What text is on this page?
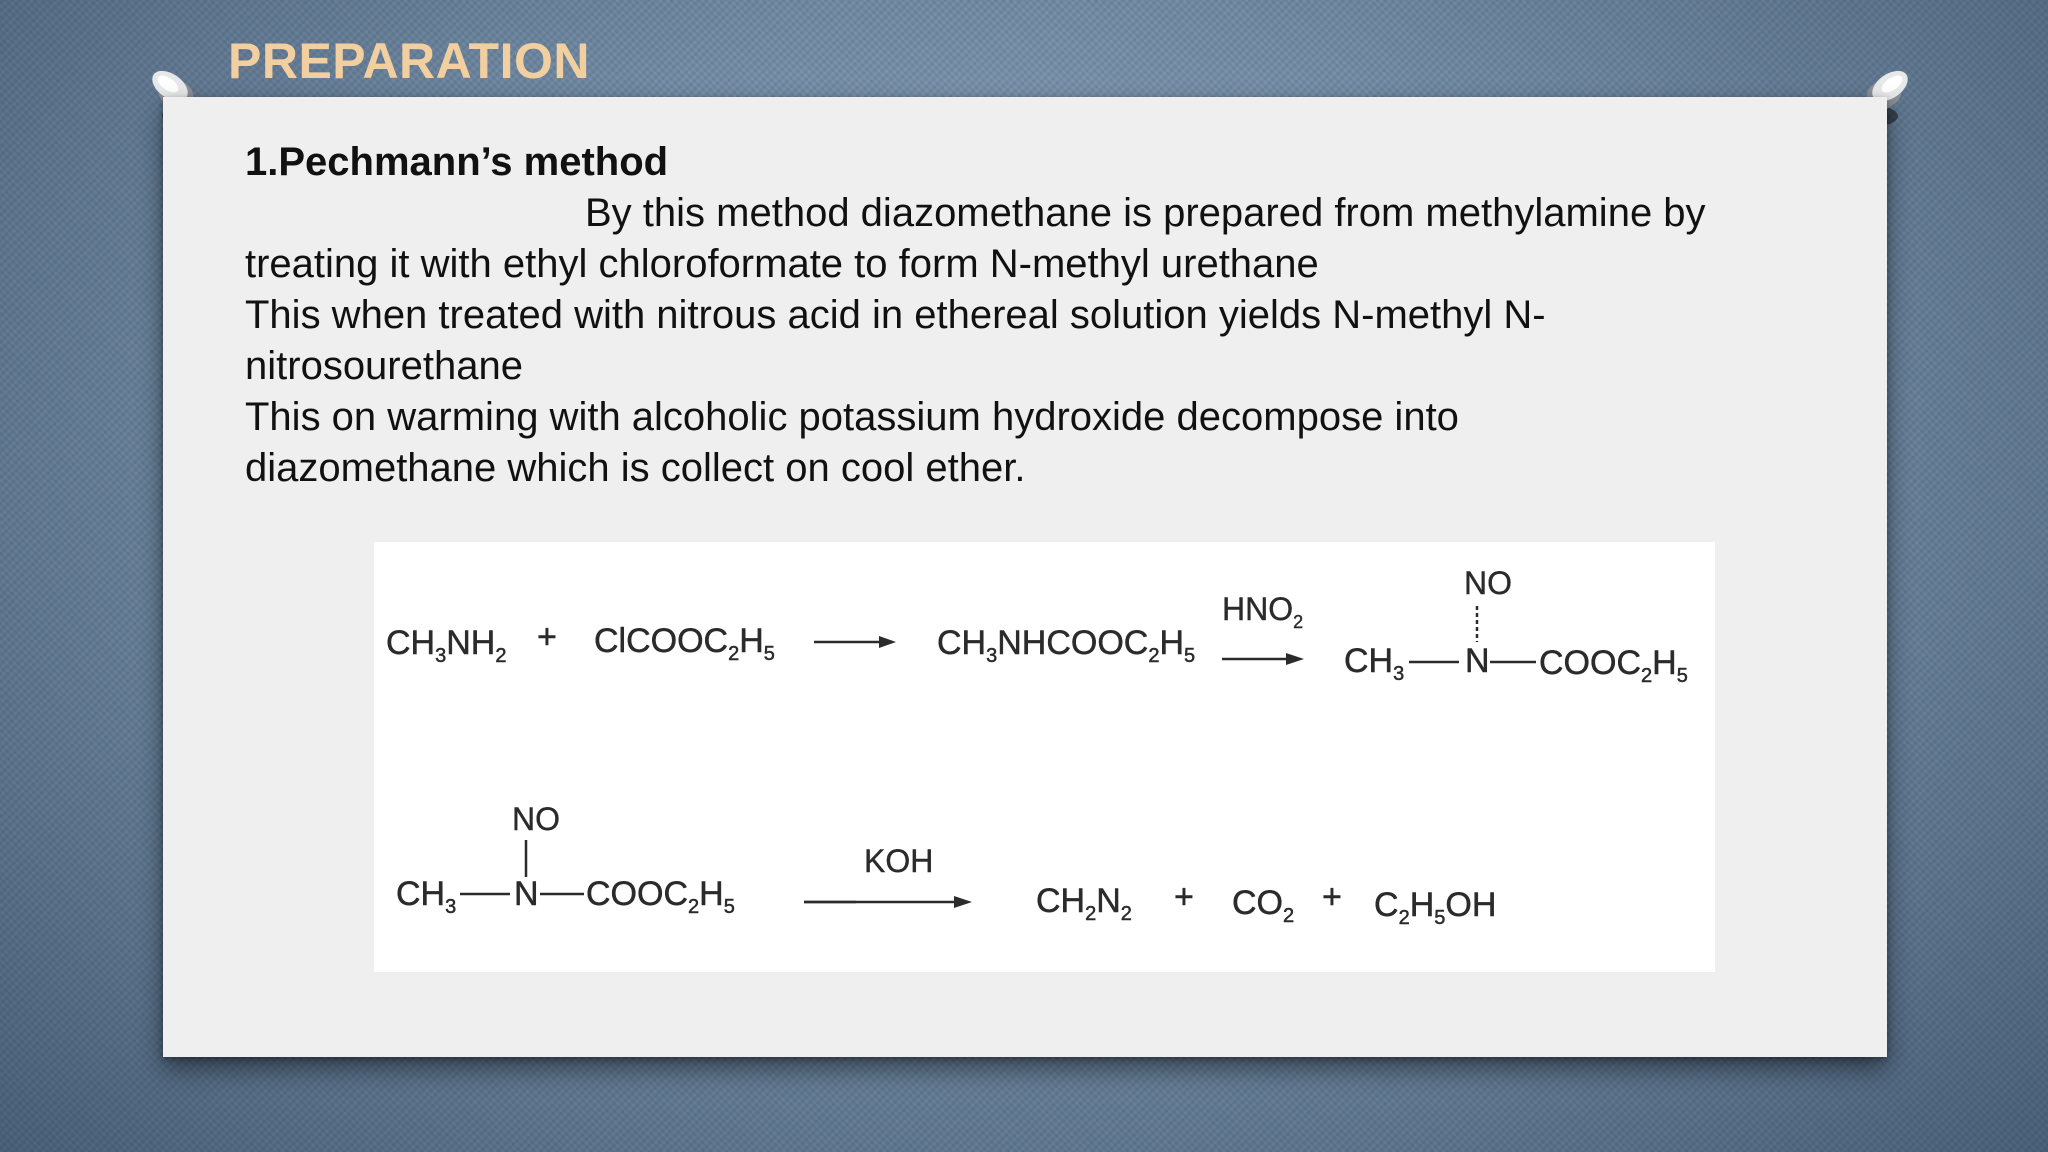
PREPARATION
1.Pechmann’s method
By this method diazomethane is prepared from methylamine by
treating it with ethyl chloroformate to form N-methyl urethane
This when treated with nitrous acid in ethereal solution yields N-methyl N-
nitrosourethane
This on warming with alcoholic potassium hydroxide decompose into
diazomethane which is collect on cool ether.
$CH_3NH_2$ + $ClCOOC_2H_5$	$CH_3NHCOOC_2H_5$
$HNO_2$
NO
$CH_3$ N $COOC_2H_5$
NO
$CH_3$ N $COOC_2H_5$
KOH
$CH_2N_2 + CO_2 + C_2H_5OH$
